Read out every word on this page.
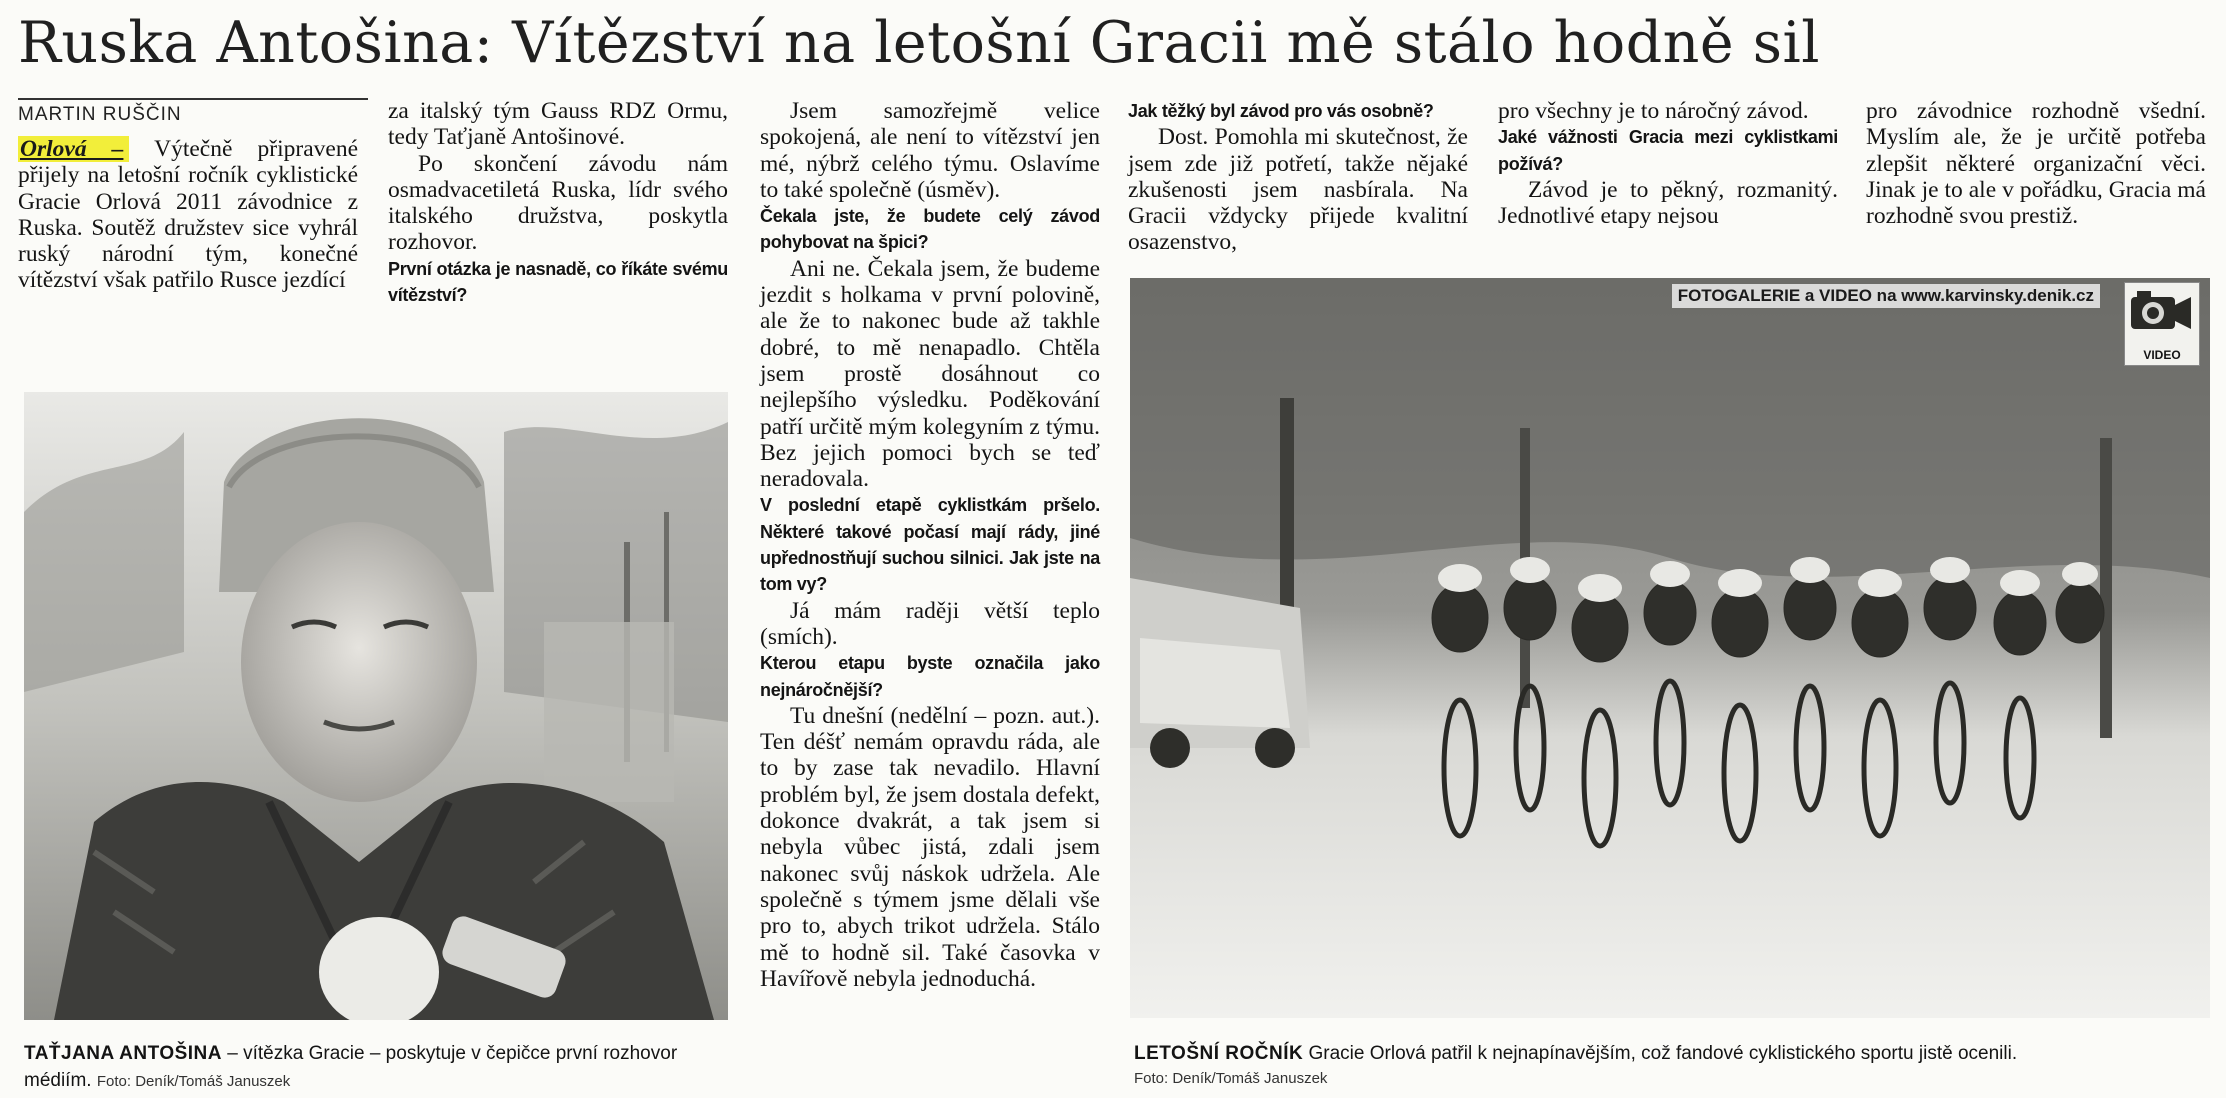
Ruska Antošina: Vítězství na letošní Gracii mě stálo hodně sil
MARTIN RUŠČIN

Orlová – Výtečně připravené přijely na letošní ročník cyklistické Gracie Orlová 2011 závodnice z Ruska. Soutěž družstev sice vyhrál ruský národní tým, konečné vítězství však patřilo Rusce jezdící

za italský tým Gauss RDZ Ormu, tedy Taťjaně Antošinové.

Po skončení závodu nám osmadvacetiletá Ruska, lídr svého italského družstva, poskytla rozhovor.

První otázka je nasnadě, co říkáte svému vítězství?

Jsem samozřejmě velice spokojená, ale není to vítězství jen mé, nýbrž celého týmu. Oslavíme to také společně (úsměv).

Čekala jste, že budete celý závod pohybovat na špici?

Ani ne. Čekala jsem, že budeme jezdit s holkama v první polovině, ale že to nakonec bude až takhle dobré, to mě nenapadlo. Chtěla jsem prostě dosáhnout co nejlepšího výsledku. Poděkování patří určitě mým kolegyním z týmu. Bez jejich pomoci bych se teď neradovala.

V poslední etapě cyklistkám pršelo. Některé takové počasí mají rády, jiné upřednostňují suchou silnici. Jak jste na tom vy?

Já mám raději větší teplo (smích).

Kterou etapu byste označila jako nejnáročnější?

Tu dnešní (nedělní – pozn. aut.). Ten déšť nemám opravdu ráda, ale to by zase tak nevadilo. Hlavní problém byl, že jsem dostala defekt, dokonce dvakrát, a tak jsem si nebyla vůbec jistá, zdali jsem nakonec svůj náskok udržela. Ale společně s týmem jsme dělali vše pro to, abych trikot udržela. Stálo mě to hodně sil. Také časovka v Havířově nebyla jednoduchá.

Jak těžký byl závod pro vás osobně?

Dost. Pomohla mi skutečnost, že jsem zde již potřetí, takže nějaké zkušenosti jsem nasbírala. Na Gracii vždycky přijede kvalitní osazenstvo,

pro všechny je to náročný závod.

Jaké vážnosti Gracia mezi cyklistkami požívá?

Závod je to pěkný, rozmanitý. Jednotlivé etapy nejsou

pro závodnice rozhodně všední. Myslím ale, že je určitě potřeba zlepšit některé organizační věci. Jinak je to ale v pořádku, Gracia má rozhodně svou prestiž.

TAŤJANA ANTOŠINA – vítězka Gracie – poskytuje v čepičce první rozhovor médiím. Foto: Deník/Tomáš Januszek
FOTOGALERIE a VIDEO na www.karvinsky.denik.cz
VIDEO
LETOŠNÍ ROČNÍK Gracie Orlová patřil k nejnapínavějším, což fandové cyklistického sportu jistě ocenili.
Foto: Deník/Tomáš Januszek
